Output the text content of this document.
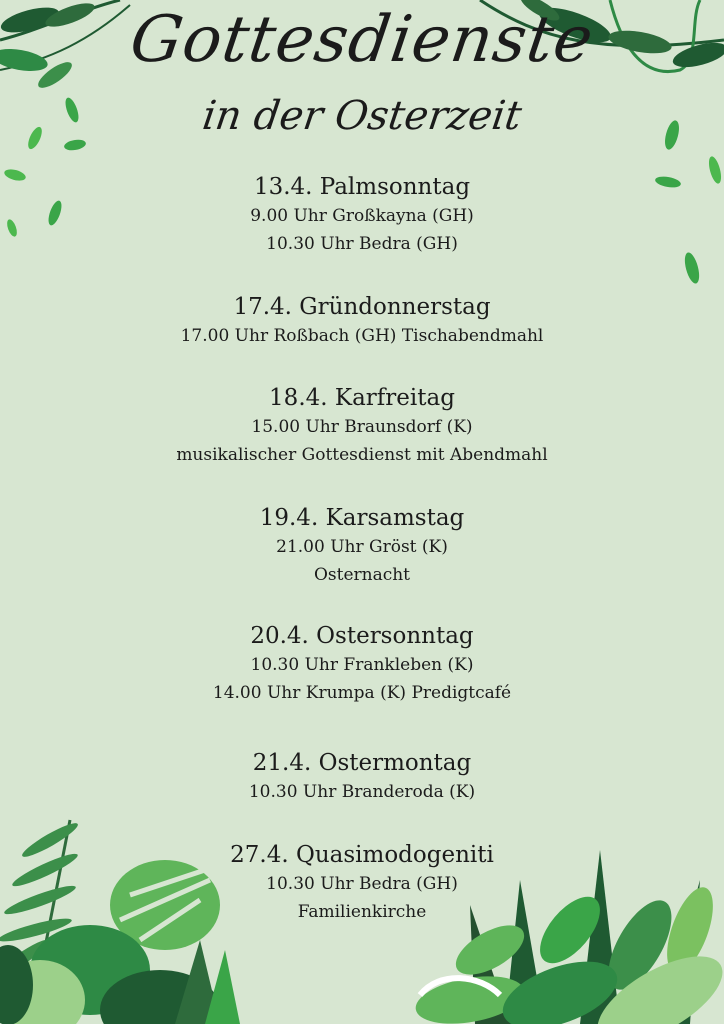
Gottesdienste
in der Osterzeit
13.4. Palmsonntag
9.00 Uhr Großkayna (GH)
10.30 Uhr Bedra (GH)
17.4. Gründonnerstag
17.00 Uhr Roßbach (GH) Tischabendmahl
18.4. Karfreitag
15.00 Uhr Braunsdorf (K)
musikalischer Gottesdienst mit Abendmahl
19.4. Karsamstag
21.00 Uhr Gröst (K)
Osternacht
20.4. Ostersonntag
10.30 Uhr Frankleben (K)
14.00 Uhr Krumpa (K) Predigtcafé
21.4. Ostermontag
10.30 Uhr Branderoda (K)
27.4. Quasimodogeniti
10.30 Uhr Bedra (GH)
Familienkirche
